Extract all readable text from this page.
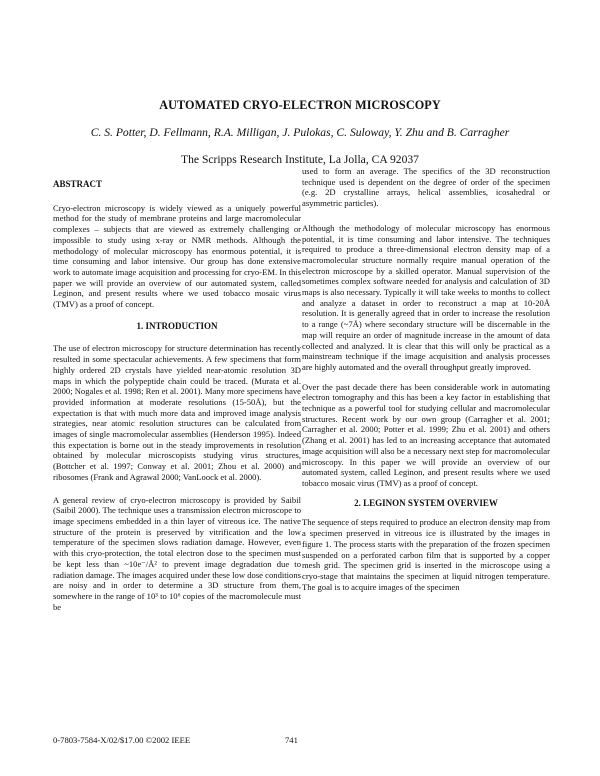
AUTOMATED CRYO-ELECTRON MICROSCOPY
C. S. Potter, D. Fellmann, R.A. Milligan, J. Pulokas, C. Suloway, Y. Zhu and B. Carragher
The Scripps Research Institute, La Jolla, CA 92037
ABSTRACT

Cryo-electron microscopy is widely viewed as a uniquely powerful method for the study of membrane proteins and large macromolecular complexes – subjects that are viewed as extremely challenging or impossible to study using x-ray or NMR methods. Although the methodology of molecular microscopy has enormous potential, it is time consuming and labor intensive. Our group has done extensive work to automate image acquisition and processing for cryo-EM. In this paper we will provide an overview of our automated system, called Leginon, and present results where we used tobacco mosaic virus (TMV) as a proof of concept.

1. INTRODUCTION

The use of electron microscopy for structure determination has recently resulted in some spectacular achievements. A few specimens that form highly ordered 2D crystals have yielded near-atomic resolution 3D maps in which the polypeptide chain could be traced. (Murata et al. 2000; Nogales et al. 1998; Ren et al. 2001). Many more specimens have provided information at moderate resolutions (15-50Å), but the expectation is that with much more data and improved image analysis strategies, near atomic resolution structures can be calculated from images of single macromolecular assemblies (Henderson 1995). Indeed this expectation is borne out in the steady improvements in resolution obtained by molecular microscopists studying virus structures, (Bottcher et al. 1997; Conway et al. 2001; Zhou et al. 2000) and ribosomes (Frank and Agrawal 2000; VanLoock et al. 2000).

A general review of cryo-electron microscopy is provided by Saibil (Saibil 2000). The technique uses a transmission electron microscope to image specimens embedded in a thin layer of vitreous ice. The native structure of the protein is preserved by vitrification and the low temperature of the specimen slows radiation damage. However, even with this cryo-protection, the total electron dose to the specimen must be kept less than ~10e⁻/Å² to prevent image degradation due to radiation damage. The images acquired under these low dose conditions are noisy and in order to determine a 3D structure from them, somewhere in the range of 10³ to 10⁶ copies of the macromolecule must be

used to form an average. The specifics of the 3D reconstruction technique used is dependent on the degree of order of the specimen (e.g. 2D crystalline arrays, helical assemblies, icosahedral or asymmetric particles).

Although the methodology of molecular microscopy has enormous potential, it is time consuming and labor intensive. The techniques required to produce a three-dimensional electron density map of a macromolecular structure normally require manual operation of the electron microscope by a skilled operator. Manual supervision of the sometimes complex software needed for analysis and calculation of 3D maps is also necessary. Typically it will take weeks to months to collect and analyze a dataset in order to reconstruct a map at 10-20Å resolution. It is generally agreed that in order to increase the resolution to a range (~7Å) where secondary structure will be discernable in the map will require an order of magnitude increase in the amount of data collected and analyzed. It is clear that this will only be practical as a mainstream technique if the image acquisition and analysis processes are highly automated and the overall throughput greatly improved.

Over the past decade there has been considerable work in automating electron tomography and this has been a key factor in establishing that technique as a powerful tool for studying cellular and macromolecular structures. Recent work by our own group (Carragher et al. 2001; Carragher et al. 2000; Potter et al. 1999; Zhu et al. 2001) and others (Zhang et al. 2001) has led to an increasing acceptance that automated image acquisition will also be a necessary next step for macromolecular microscopy. In this paper we will provide an overview of our automated system, called Leginon, and present results where we used tobacco mosaic virus (TMV) as a proof of concept.

2. LEGINON SYSTEM OVERVIEW

The sequence of steps required to produce an electron density map from a specimen preserved in vitreous ice is illustrated by the images in figure 1. The process starts with the preparation of the frozen specimen suspended on a perforated carbon film that is supported by a copper mesh grid. The specimen grid is inserted in the microscope using a cryo-stage that maintains the specimen at liquid nitrogen temperature. The goal is to acquire images of the specimen

0-7803-7584-X/02/$17.00 ©2002 IEEE	741
